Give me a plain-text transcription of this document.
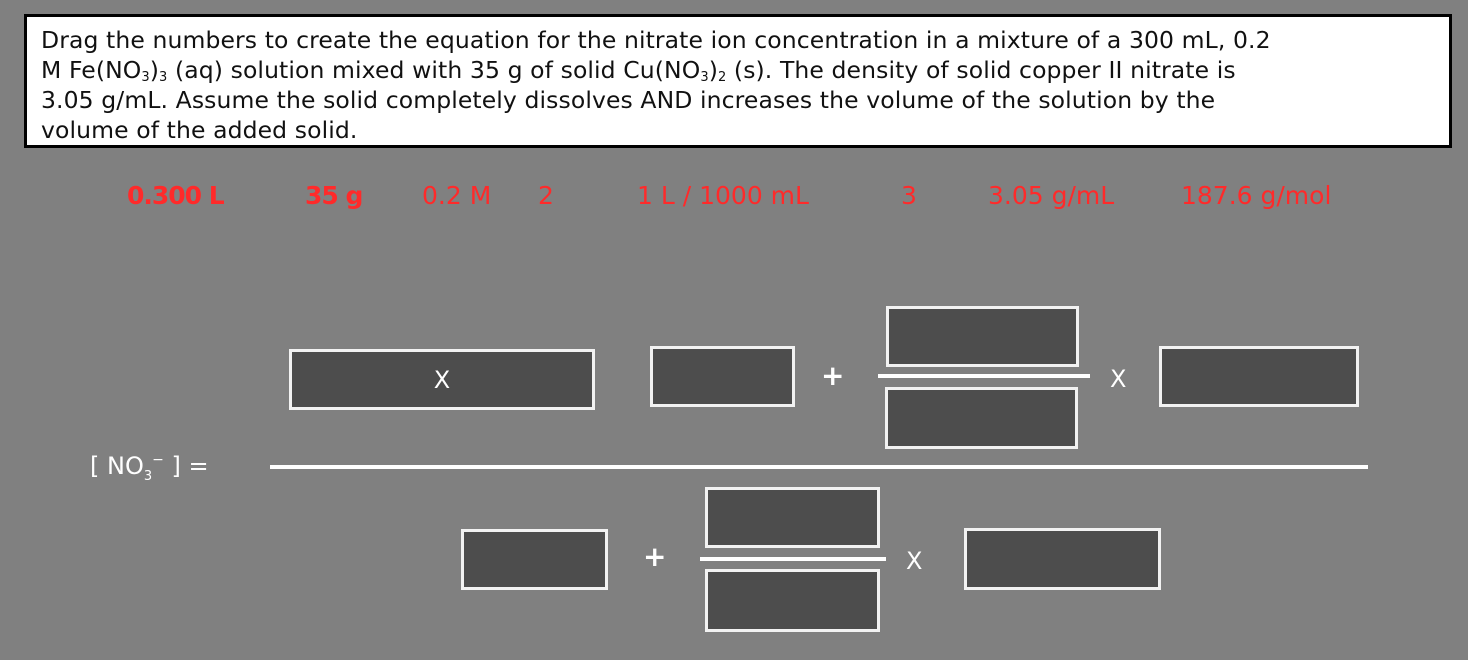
Drag the numbers to create the equation for the nitrate ion concentration in a mixture of a 300 mL, 0.2
M $Fe(NO_3)_3$ (aq) solution mixed with 35 g of solid $Cu(NO_3)_2$ (s). The density of solid copper II nitrate is
3.05 g/mL. Assume the solid completely dissolves AND increases the volume of the solution by the
volume of the added solid.
0.300 L	35 g 0.2 M 2	1 L / 1000 mL	3	3.05 g/mL	187.6 g/mol
[ $NO_3^-$ ] =
X	+	X
+	X
